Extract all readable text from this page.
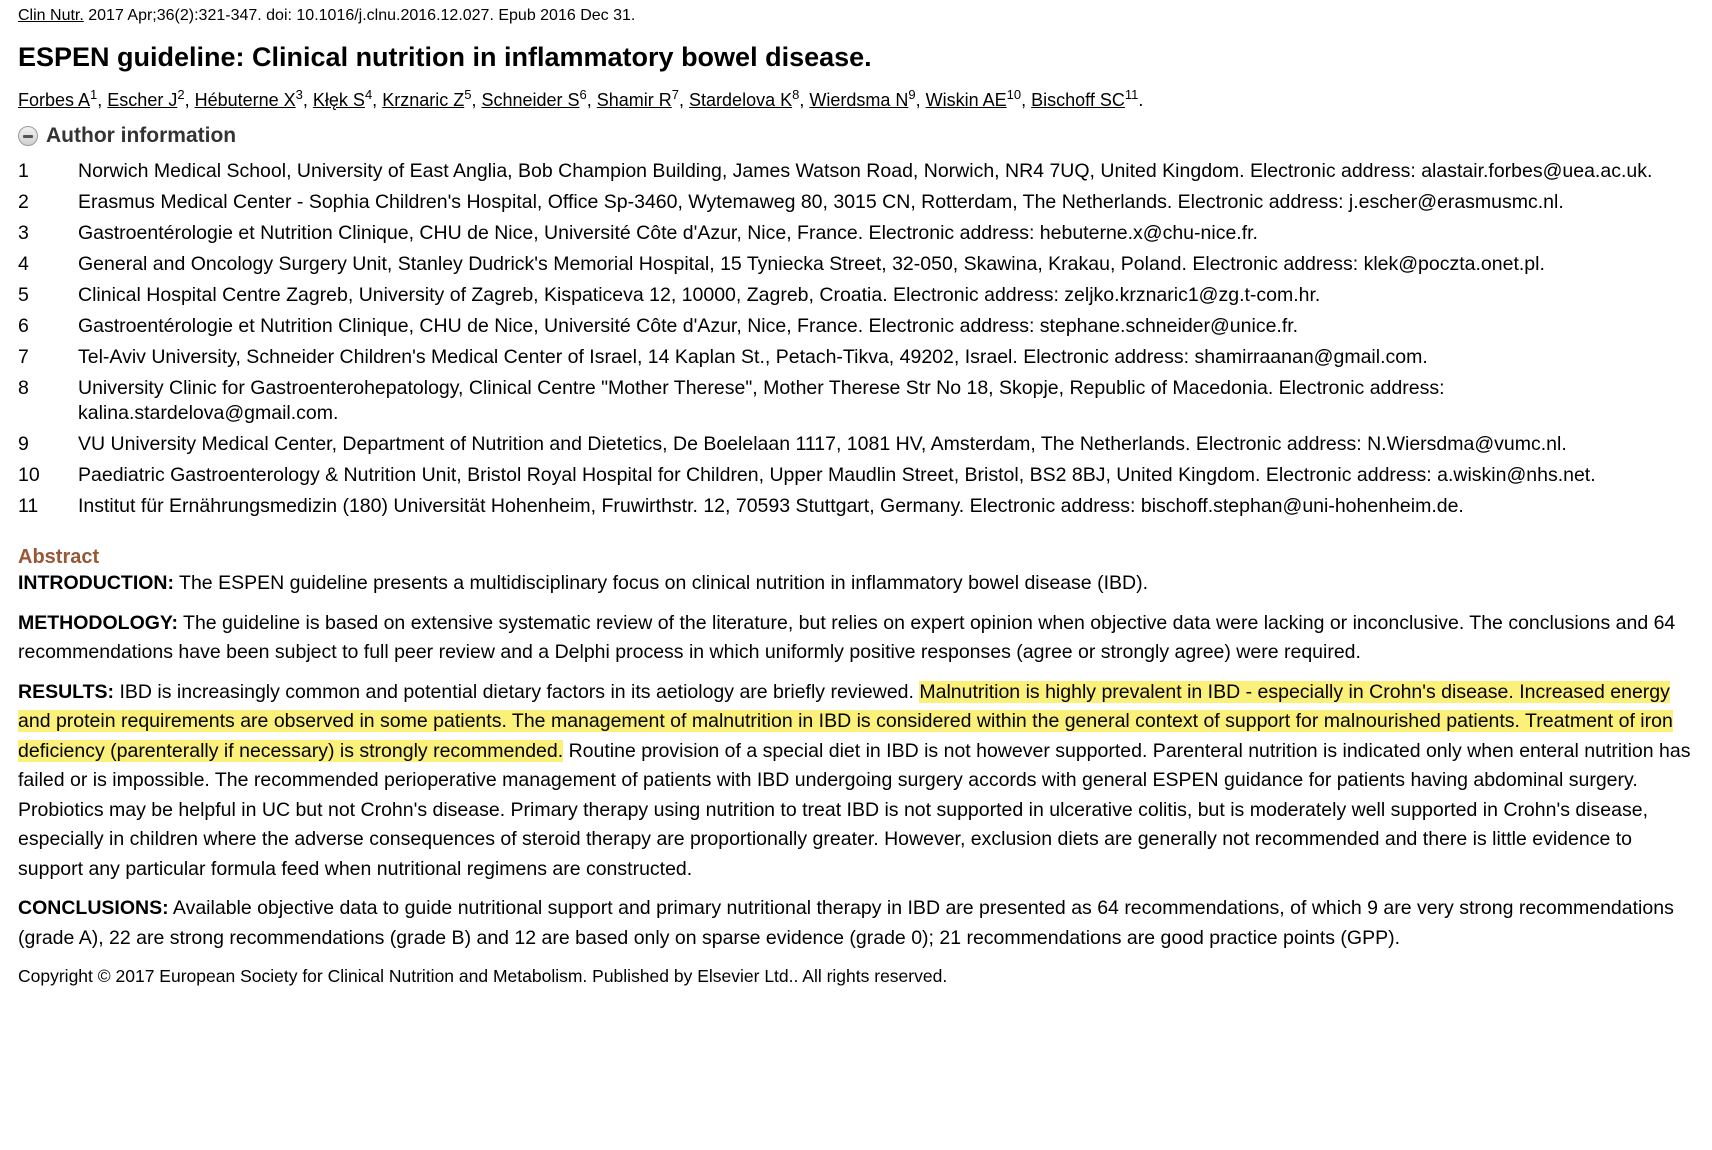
Clin Nutr. 2017 Apr;36(2):321-347. doi: 10.1016/j.clnu.2016.12.027. Epub 2016 Dec 31.
ESPEN guideline: Clinical nutrition in inflammatory bowel disease.
Forbes $A^1$, Escher $J^2$, Hébuterne $X^3$, Kłęk $S^4$, Krznaric $Z^5$, Schneider $S^6$, Shamir $R^7$, Stardelova $K^8$, Wierdsma $N^9$, Wiskin AE$^{10}$, Bischoff SC$^{11}$.
Author information
1	Norwich Medical School, University of East Anglia, Bob Champion Building, James Watson Road, Norwich, NR4 7UQ, United Kingdom. Electronic address: alastair.forbes@uea.ac.uk.
2	Erasmus Medical Center - Sophia Children's Hospital, Office Sp-3460, Wytemaweg 80, 3015 CN, Rotterdam, The Netherlands. Electronic address: j.escher@erasmusmc.nl.
3	Gastroentérologie et Nutrition Clinique, CHU de Nice, Université Côte d'Azur, Nice, France. Electronic address: hebuterne.x@chu-nice.fr.
4	General and Oncology Surgery Unit, Stanley Dudrick's Memorial Hospital, 15 Tyniecka Street, 32-050, Skawina, Krakau, Poland. Electronic address: klek@poczta.onet.pl.
5	Clinical Hospital Centre Zagreb, University of Zagreb, Kispaticeva 12, 10000, Zagreb, Croatia. Electronic address: zeljko.krznaric1@zg.t-com.hr.
6	Gastroentérologie et Nutrition Clinique, CHU de Nice, Université Côte d'Azur, Nice, France. Electronic address: stephane.schneider@unice.fr.
7	Tel-Aviv University, Schneider Children's Medical Center of Israel, 14 Kaplan St., Petach-Tikva, 49202, Israel. Electronic address: shamirraanan@gmail.com.
8	University Clinic for Gastroenterohepatology, Clinical Centre "Mother Therese", Mother Therese Str No 18, Skopje, Republic of Macedonia. Electronic address: kalina.stardelova@gmail.com.
9	VU University Medical Center, Department of Nutrition and Dietetics, De Boelelaan 1117, 1081 HV, Amsterdam, The Netherlands. Electronic address: N.Wiersdma@vumc.nl.
10	Paediatric Gastroenterology & Nutrition Unit, Bristol Royal Hospital for Children, Upper Maudlin Street, Bristol, BS2 8BJ, United Kingdom. Electronic address: a.wiskin@nhs.net.
11	Institut für Ernährungsmedizin (180) Universität Hohenheim, Fruwirthstr. 12, 70593 Stuttgart, Germany. Electronic address: bischoff.stephan@uni-hohenheim.de.
Abstract

INTRODUCTION: The ESPEN guideline presents a multidisciplinary focus on clinical nutrition in inflammatory bowel disease (IBD).

METHODOLOGY: The guideline is based on extensive systematic review of the literature, but relies on expert opinion when objective data were lacking or inconclusive. The conclusions and 64 recommendations have been subject to full peer review and a Delphi process in which uniformly positive responses (agree or strongly agree) were required.

RESULTS: IBD is increasingly common and potential dietary factors in its aetiology are briefly reviewed. Malnutrition is highly prevalent in IBD - especially in Crohn's disease. Increased energy and protein requirements are observed in some patients. The management of malnutrition in IBD is considered within the general context of support for malnourished patients. Treatment of iron deficiency (parenterally if necessary) is strongly recommended. Routine provision of a special diet in IBD is not however supported. Parenteral nutrition is indicated only when enteral nutrition has failed or is impossible. The recommended perioperative management of patients with IBD undergoing surgery accords with general ESPEN guidance for patients having abdominal surgery. Probiotics may be helpful in UC but not Crohn's disease. Primary therapy using nutrition to treat IBD is not supported in ulcerative colitis, but is moderately well supported in Crohn's disease, especially in children where the adverse consequences of steroid therapy are proportionally greater. However, exclusion diets are generally not recommended and there is little evidence to support any particular formula feed when nutritional regimens are constructed.

CONCLUSIONS: Available objective data to guide nutritional support and primary nutritional therapy in IBD are presented as 64 recommendations, of which 9 are very strong recommendations (grade A), 22 are strong recommendations (grade B) and 12 are based only on sparse evidence (grade 0); 21 recommendations are good practice points (GPP).

Copyright © 2017 European Society for Clinical Nutrition and Metabolism. Published by Elsevier Ltd.. All rights reserved.
